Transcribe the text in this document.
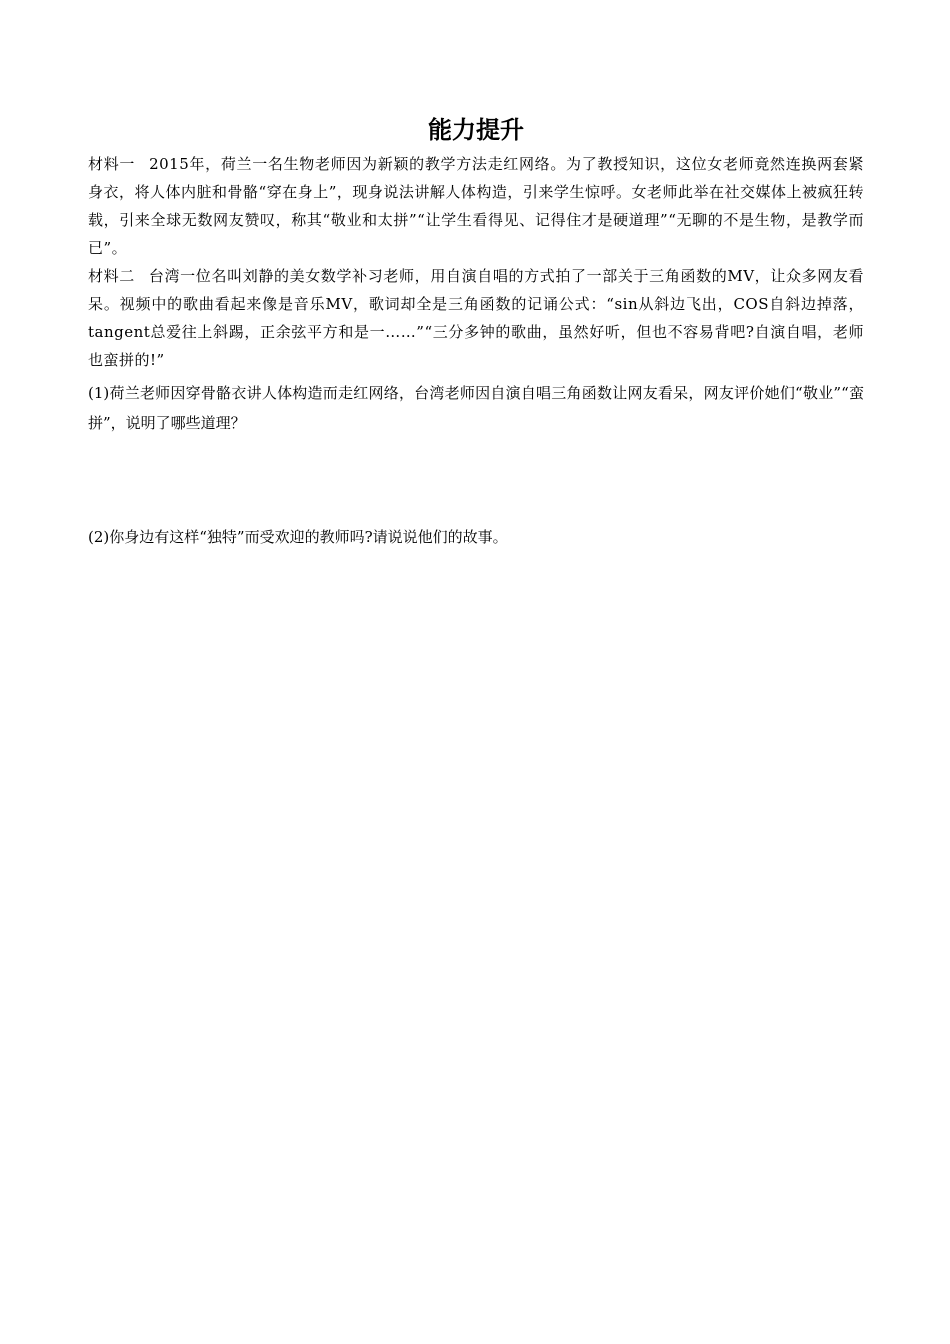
能力提升

材料一 2015年，荷兰一名生物老师因为新颖的教学方法走红网络。为了教授知识，这位女老师竟然连换两套紧身衣，将人体内脏和骨骼“穿在身上”，现身说法讲解人体构造，引来学生惊呼。女老师此举在社交媒体上被疯狂转载，引来全球无数网友赞叹，称其“敬业和太拼”“让学生看得见、记得住才是硬道理”“无聊的不是生物，是教学而已”。

材料二 台湾一位名叫刘静的美女数学补习老师，用自演自唱的方式拍了一部关于三角函数的MV，让众多网友看呆。视频中的歌曲看起来像是音乐MV，歌词却全是三角函数的记诵公式：“sin从斜边飞出，COS自斜边掉落，tangent总爱往上斜踢，正余弦平方和是一……”“三分多钟的歌曲，虽然好听，但也不容易背吧?自演自唱，老师也蛮拼的!”

(1)荷兰老师因穿骨骼衣讲人体构造而走红网络，台湾老师因自演自唱三角函数让网友看呆，网友评价她们“敬业”“蛮拼”，说明了哪些道理？

(2)你身边有这样“独特”而受欢迎的教师吗?请说说他们的故事。
